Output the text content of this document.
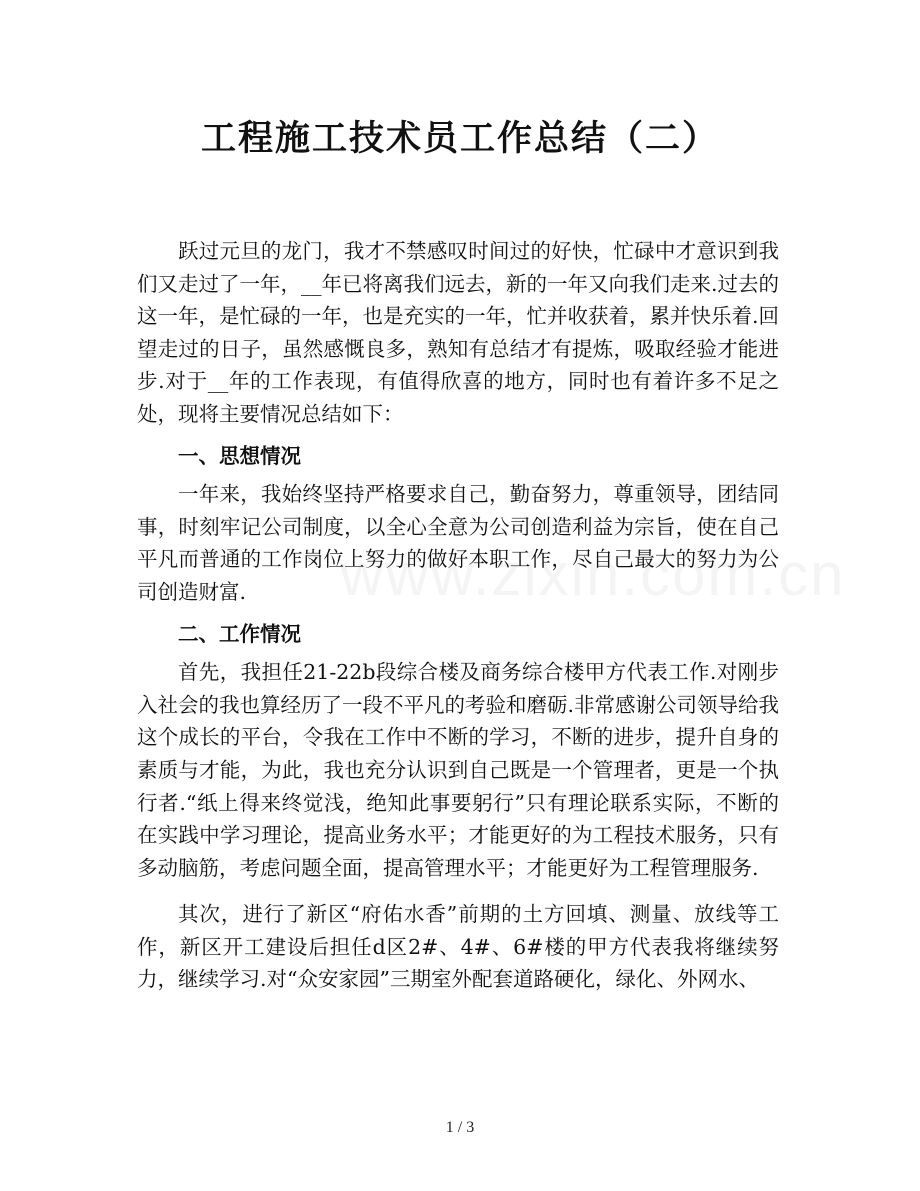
工程施工技术员工作总结（二）

跃过元旦的龙门，我才不禁感叹时间过的好快，忙碌中才意识到我们又走过了一年，__年已将离我们远去，新的一年又向我们走来.过去的这一年，是忙碌的一年，也是充实的一年，忙并收获着，累并快乐着.回望走过的日子，虽然感慨良多，熟知有总结才有提炼，吸取经验才能进步.对于__年的工作表现，有值得欣喜的地方，同时也有着许多不足之处，现将主要情况总结如下：

一、思想情况

一年来，我始终坚持严格要求自己，勤奋努力，尊重领导，团结同事，时刻牢记公司制度，以全心全意为公司创造利益为宗旨，使在自己平凡而普通的工作岗位上努力的做好本职工作，尽自己最大的努力为公司创造财富.

二、工作情况

首先，我担任21-22b段综合楼及商务综合楼甲方代表工作.对刚步入社会的我也算经历了一段不平凡的考验和磨砺.非常感谢公司领导给我这个成长的平台，令我在工作中不断的学习，不断的进步，提升自身的素质与才能，为此，我也充分认识到自己既是一个管理者，更是一个执行者.“纸上得来终觉浅，绝知此事要躬行”只有理论联系实际，不断的在实践中学习理论，提高业务水平；才能更好的为工程技术服务，只有多动脑筋，考虑问题全面，提高管理水平；才能更好为工程管理服务.

其次，进行了新区“府佑水香”前期的土方回填、测量、放线等工作，新区开工建设后担任d区2#、4#、6#楼的甲方代表我将继续努力，继续学习.对“众安家园”三期室外配套道路硬化，绿化、外网水、

1 / 3
